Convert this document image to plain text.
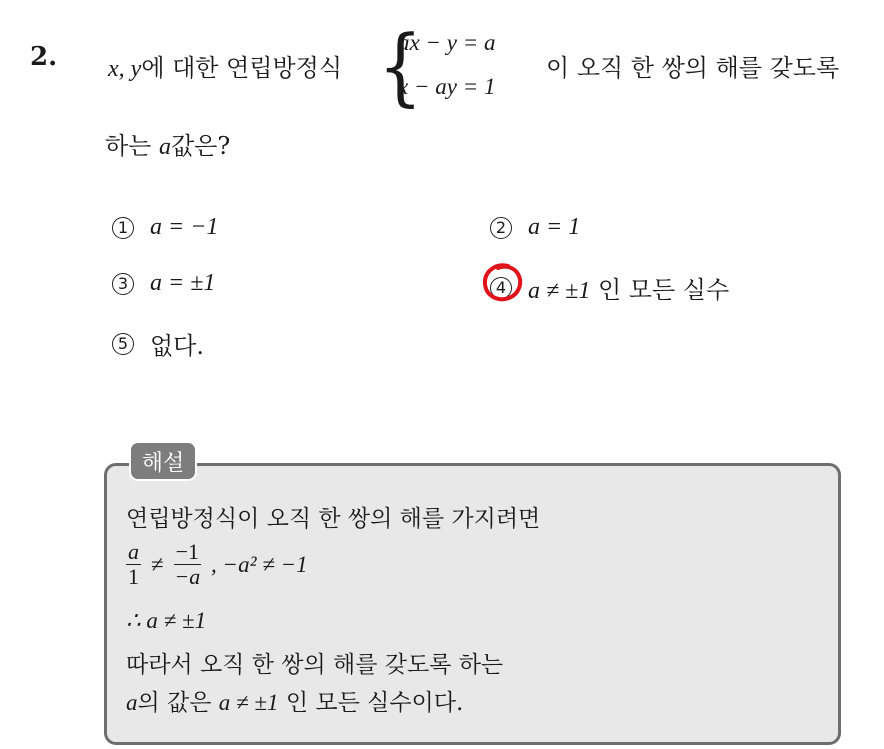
2. x, y에 대한 연립방정식 {
ax − y = a
x − ay = 1
이 오직 한 쌍의 해를 갖도록
하는 a값은?
1 a = −1	2 a = 1
3 a = ±1	4 a ≠ ±1 인 모든 실수
5 없다.
해설
연립방정식이 오직 한 쌍의 해를 가지려면
$\frac{a}{1} \ne \frac{-1}{-a}$ , −a² ≠ −1
∴ a ≠ ±1
따라서 오직 한 쌍의 해를 갖도록 하는
a의 값은 a ≠ ±1 인 모든 실수이다.
